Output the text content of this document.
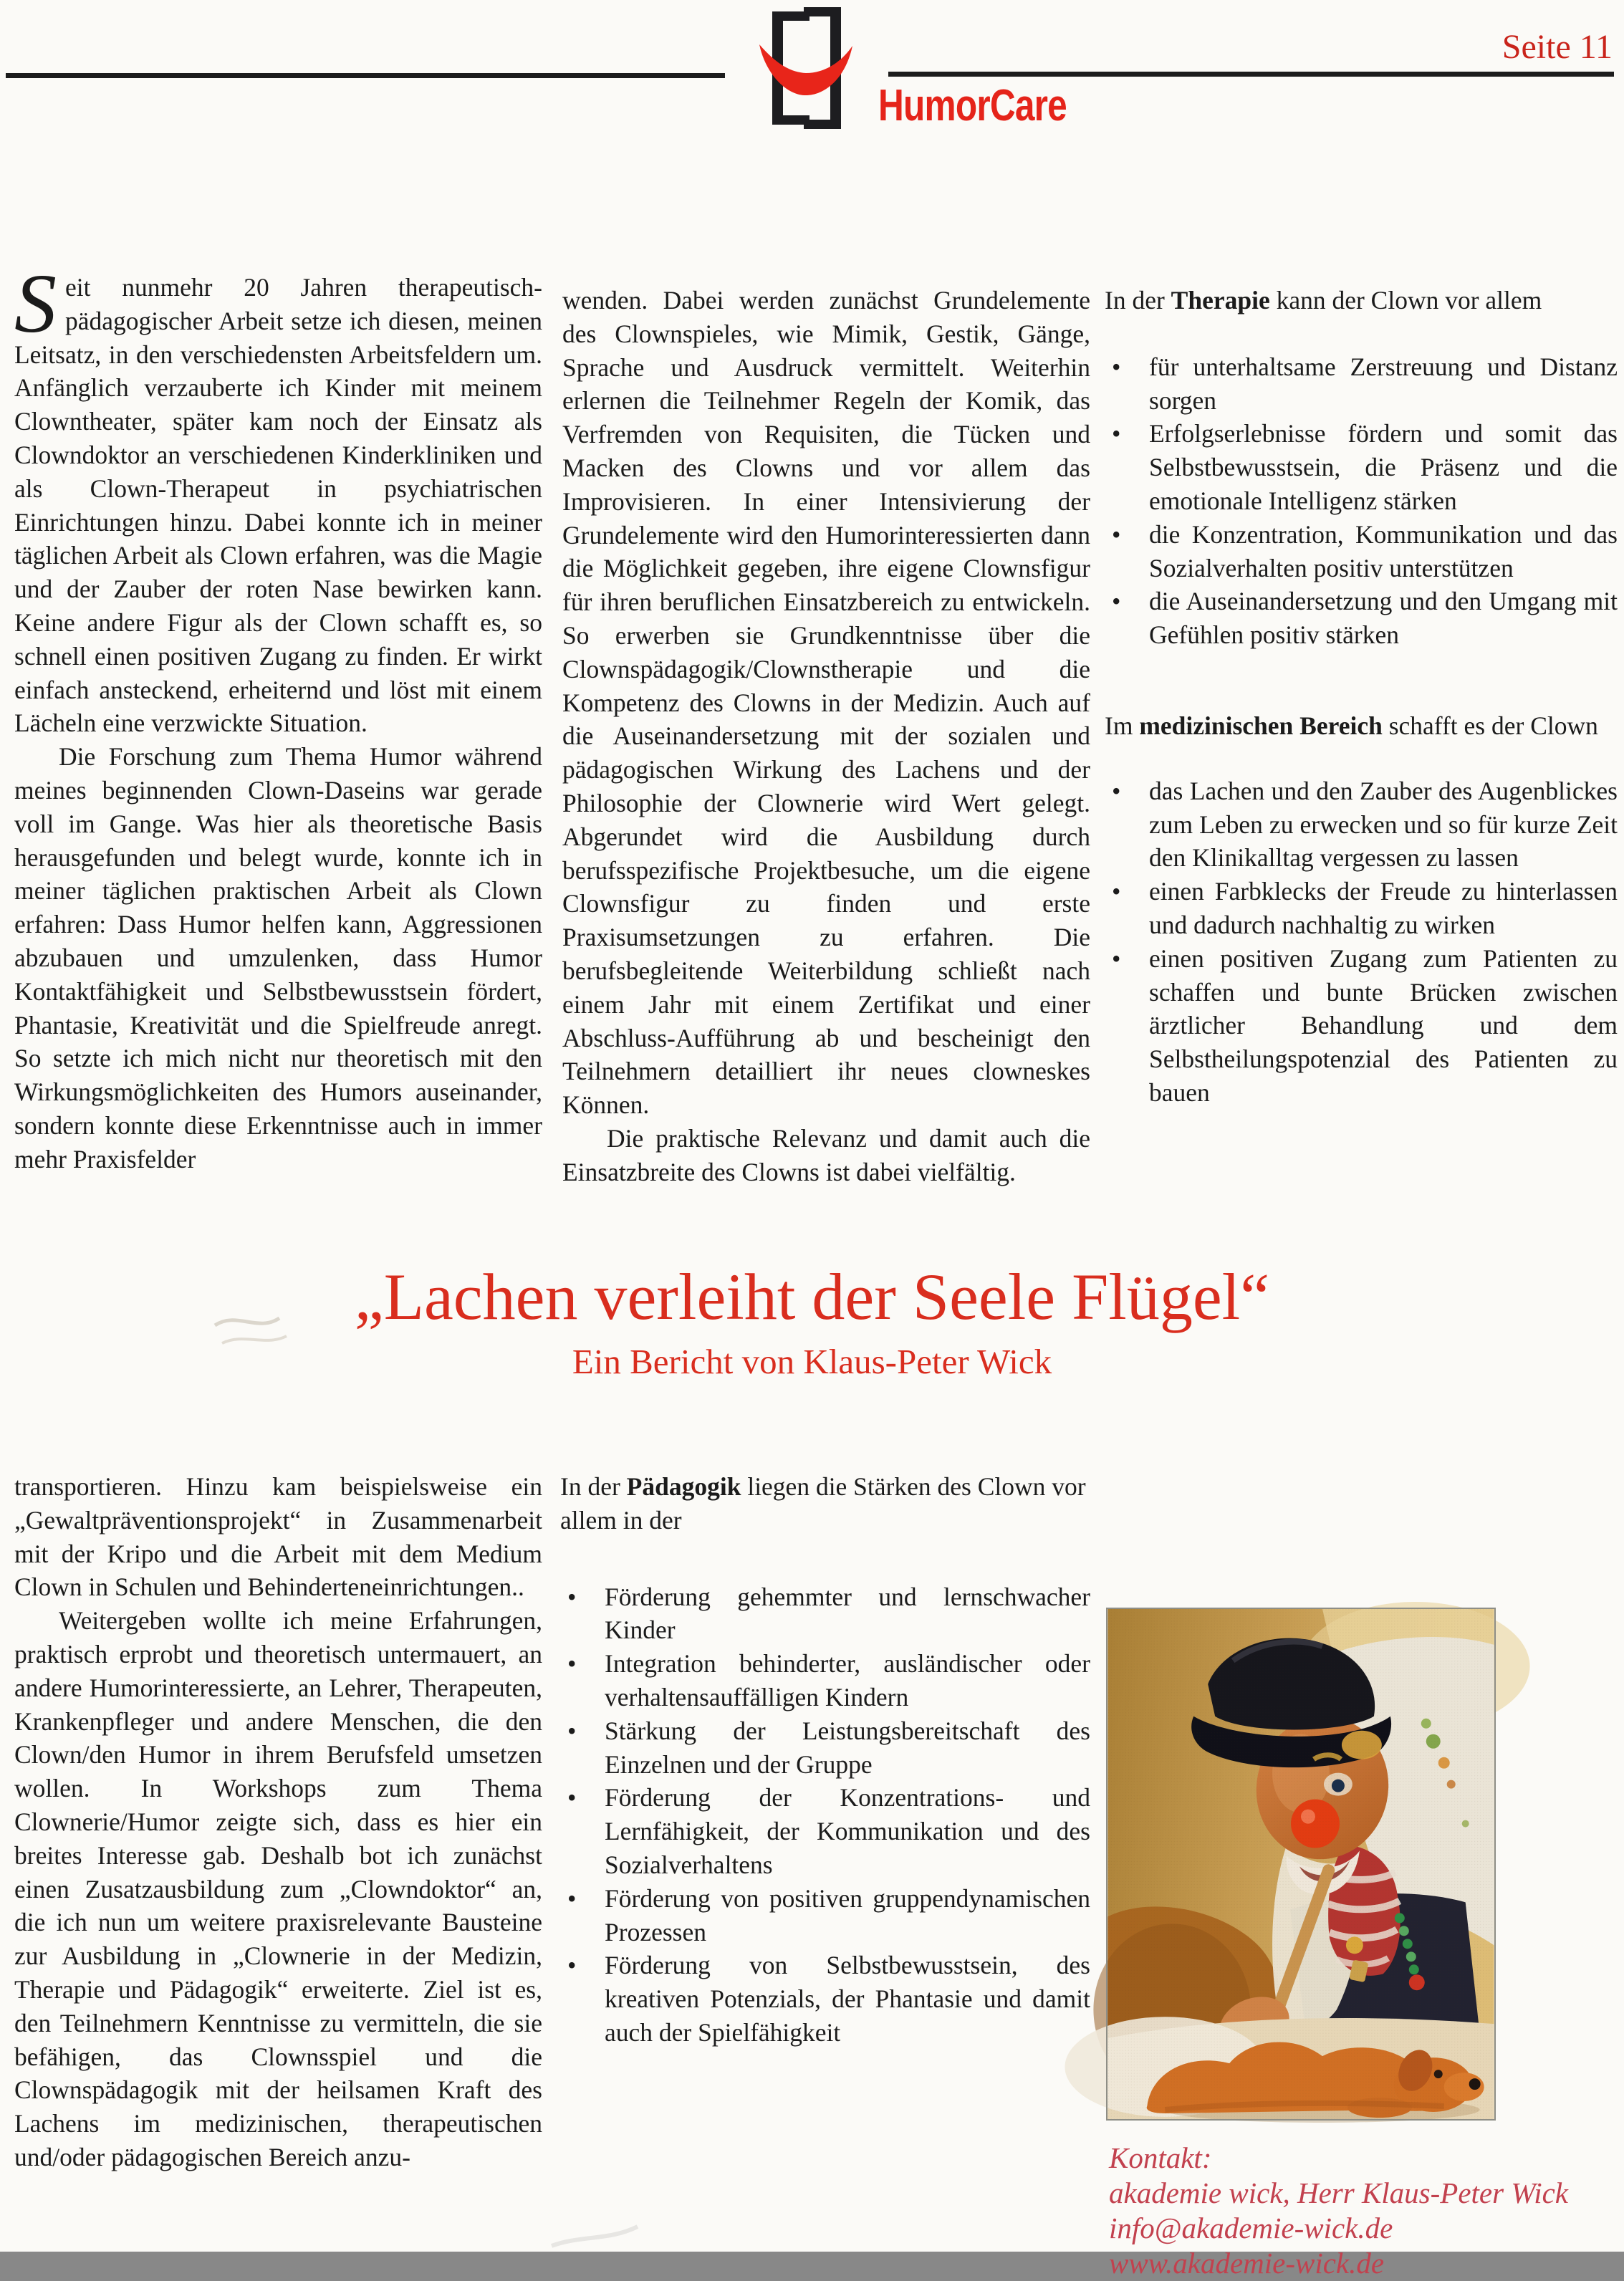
HumorCare
Seite 11

Seit nunmehr 20 Jahren therapeutisch-pädagogischer Arbeit setze ich diesen, meinen Leitsatz, in den verschiedensten Arbeitsfeldern um. Anfänglich verzauberte ich Kinder mit meinem Clowntheater, später kam noch der Einsatz als Clowndoktor an verschiedenen Kinderkliniken und als Clown-Therapeut in psychiatrischen Einrichtungen hinzu. Dabei konnte ich in meiner täglichen Arbeit als Clown erfahren, was die Magie und der Zauber der roten Nase bewirken kann. Keine andere Figur als der Clown schafft es, so schnell einen positiven Zugang zu finden. Er wirkt einfach ansteckend, erheiternd und löst mit einem Lächeln eine verzwickte Situation.

Die Forschung zum Thema Humor während meines beginnenden Clown-Daseins war gerade voll im Gange. Was hier als theoretische Basis herausgefunden und belegt wurde, konnte ich in meiner täglichen praktischen Arbeit als Clown erfahren: Dass Humor helfen kann, Aggressionen abzubauen und umzulenken, dass Humor Kontaktfähigkeit und Selbstbewusstsein fördert, Phantasie, Kreativität und die Spielfreude anregt. So setzte ich mich nicht nur theoretisch mit den Wirkungsmöglichkeiten des Humors auseinander, sondern konnte diese Erkenntnisse auch in immer mehr Praxisfelder

wenden. Dabei werden zunächst Grundelemente des Clownspieles, wie Mimik, Gestik, Gänge, Sprache und Ausdruck vermittelt. Weiterhin erlernen die Teilnehmer Regeln der Komik, das Verfremden von Requisiten, die Tücken und Macken des Clowns und vor allem das Improvisieren. In einer Intensivierung der Grundelemente wird den Humorinteressierten dann die Möglichkeit gegeben, ihre eigene Clownsfigur für ihren beruflichen Einsatzbereich zu entwickeln. So erwerben sie Grundkenntnisse über die Clownspädagogik/Clownstherapie und die Kompetenz des Clowns in der Medizin. Auch auf die Auseinandersetzung mit der sozialen und pädagogischen Wirkung des Lachens und der Philosophie der Clownerie wird Wert gelegt. Abgerundet wird die Ausbildung durch berufsspezifische Projektbesuche, um die eigene Clownsfigur zu finden und erste Praxisumsetzungen zu erfahren. Die berufsbegleitende Weiterbildung schließt nach einem Jahr mit einem Zertifikat und einer Abschluss-Aufführung ab und bescheinigt den Teilnehmern detailliert ihr neues clowneskes Können.

Die praktische Relevanz und damit auch die Einsatzbreite des Clowns ist dabei vielfältig.

In der Therapie kann der Clown vor allem

• für unterhaltsame Zerstreuung und Distanz sorgen
• Erfolgserlebnisse fördern und somit das Selbstbewusstsein, die Präsenz und die emotionale Intelligenz stärken
• die Konzentration, Kommunikation und das Sozialverhalten positiv unterstützen
• die Auseinandersetzung und den Umgang mit Gefühlen positiv stärken

Im medizinischen Bereich schafft es der Clown

• das Lachen und den Zauber des Augenblickes zum Leben zu erwecken und so für kurze Zeit den Klinikalltag vergessen zu lassen
• einen Farbklecks der Freude zu hinterlassen und dadurch nachhaltig zu wirken
• einen positiven Zugang zum Patienten zu schaffen und bunte Brücken zwischen ärztlicher Behandlung und dem Selbstheilungspotenzial des Patienten zu bauen
„Lachen verleiht der Seele Flügel“
Ein Bericht von Klaus-Peter Wick

transportieren. Hinzu kam beispielsweise ein „Gewaltpräventionsprojekt“ in Zusammenarbeit mit der Kripo und die Arbeit mit dem Medium Clown in Schulen und Behinderteneinrichtungen..

Weitergeben wollte ich meine Erfahrungen, praktisch erprobt und theoretisch untermauert, an andere Humorinteressierte, an Lehrer, Therapeuten, Krankenpfleger und andere Menschen, die den Clown/den Humor in ihrem Berufsfeld umsetzen wollen. In Workshops zum Thema Clownerie/Humor zeigte sich, dass es hier ein breites Interesse gab. Deshalb bot ich zunächst einen Zusatzausbildung zum „Clowndoktor“ an, die ich nun um weitere praxisrelevante Bausteine zur Ausbildung in „Clownerie in der Medizin, Therapie und Pädagogik“ erweiterte. Ziel ist es, den Teilnehmern Kenntnisse zu vermitteln, die sie befähigen, das Clownsspiel und die Clownspädagogik mit der heilsamen Kraft des Lachens im medizinischen, therapeutischen und/oder pädagogischen Bereich anzu-

In der Pädagogik liegen die Stärken des Clown vor allem in der

• Förderung gehemmter und lernschwacher Kinder
• Integration behinderter, ausländischer oder verhaltensauffälligen Kindern
• Stärkung der Leistungsbereitschaft des Einzelnen und der Gruppe
• Förderung der Konzentrations- und Lernfähigkeit, der Kommunikation und des Sozialverhaltens
• Förderung von positiven gruppendynamischen Prozessen
• Förderung von Selbstbewusstsein, des kreativen Potenzials, der Phantasie und damit auch der Spielfähigkeit
Kontakt:
akademie wick, Herr Klaus-Peter Wick
info@akademie-wick.de
www.akademie-wick.de
